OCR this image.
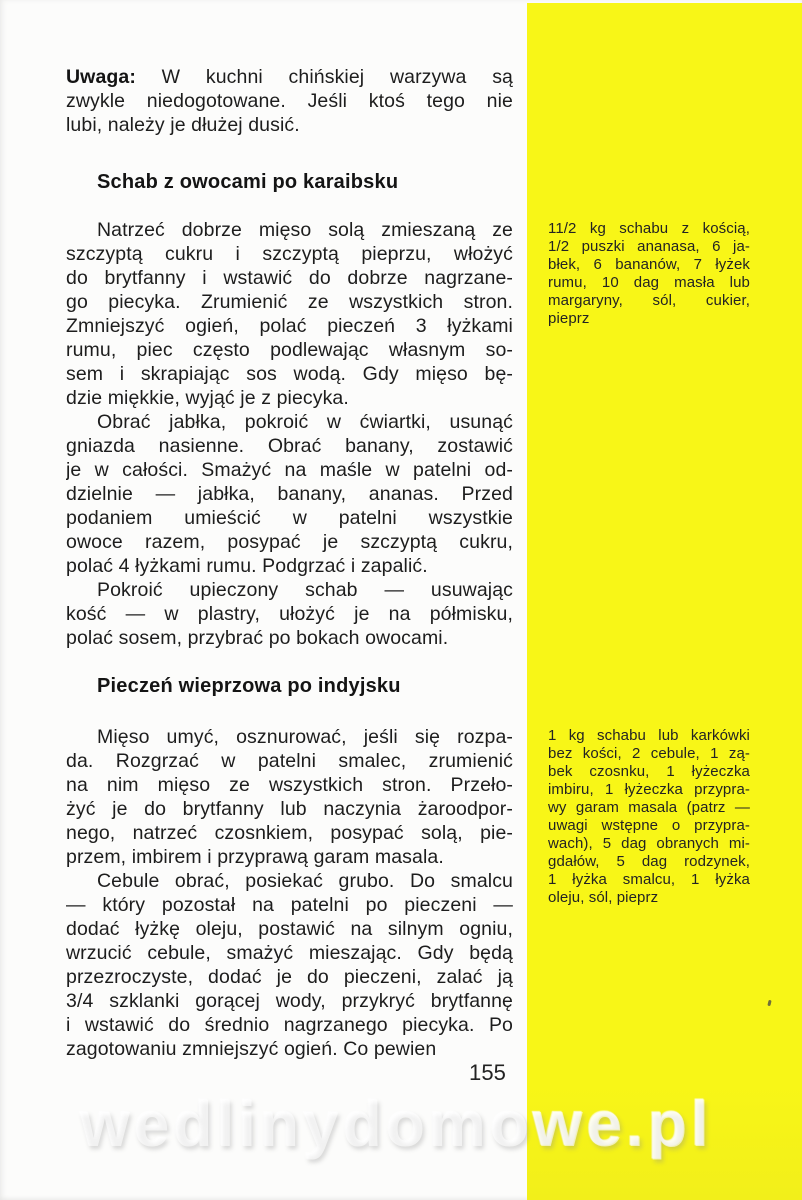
Uwaga: W kuchni chińskiej warzywa są
zwykle niedogotowane. Jeśli ktoś tego nie
lubi, należy je dłużej dusić.
Schab z owocami po karaibsku
Natrzeć dobrze mięso solą zmieszaną ze
szczyptą cukru i szczyptą pieprzu, włożyć
do brytfanny i wstawić do dobrze nagrzane-
go piecyka. Zrumienić ze wszystkich stron.
Zmniejszyć ogień, polać pieczeń 3 łyżkami
rumu, piec często podlewając własnym so-
sem i skrapiając sos wodą. Gdy mięso bę-
dzie miękkie, wyjąć je z piecyka.
Obrać jabłka, pokroić w ćwiartki, usunąć
gniazda nasienne. Obrać banany, zostawić
je w całości. Smażyć na maśle w patelni od-
dzielnie — jabłka, banany, ananas. Przed
podaniem umieścić w patelni wszystkie
owoce razem, posypać je szczyptą cukru,
polać 4 łyżkami rumu. Podgrzać i zapalić.
Pokroić upieczony schab — usuwając
kość — w plastry, ułożyć je na półmisku,
polać sosem, przybrać po bokach owocami.
Pieczeń wieprzowa po indyjsku
Mięso umyć, osznurować, jeśli się rozpa-
da. Rozgrzać w patelni smalec, zrumienić
na nim mięso ze wszystkich stron. Przeło-
żyć je do brytfanny lub naczynia żaroodpor-
nego, natrzeć czosnkiem, posypać solą, pie-
przem, imbirem i przyprawą garam masala.
Cebule obrać, posiekać grubo. Do smalcu
— który pozostał na patelni po pieczeni —
dodać łyżkę oleju, postawić na silnym ogniu,
wrzucić cebule, smażyć mieszając. Gdy będą
przezroczyste, dodać je do pieczeni, zalać ją
3/4 szklanki gorącej wody, przykryć brytfannę
i wstawić do średnio nagrzanego piecyka. Po
zagotowaniu zmniejszyć ogień. Co pewien
155
11/2 kg schabu z kością,
1/2 puszki ananasa, 6 ja-
błek, 6 bananów, 7 łyżek
rumu, 10 dag masła lub
margaryny, sól, cukier,
pieprz
1 kg schabu lub karkówki
bez kości, 2 cebule, 1 zą-
bek czosnku, 1 łyżeczka
imbiru, 1 łyżeczka przypra-
wy garam masala (patrz —
uwagi wstępne o przypra-
wach), 5 dag obranych mi-
gdałów, 5 dag rodzynek,
1 łyżka smalcu, 1 łyżka
oleju, sól, pieprz
wedlinydomowe.pl
